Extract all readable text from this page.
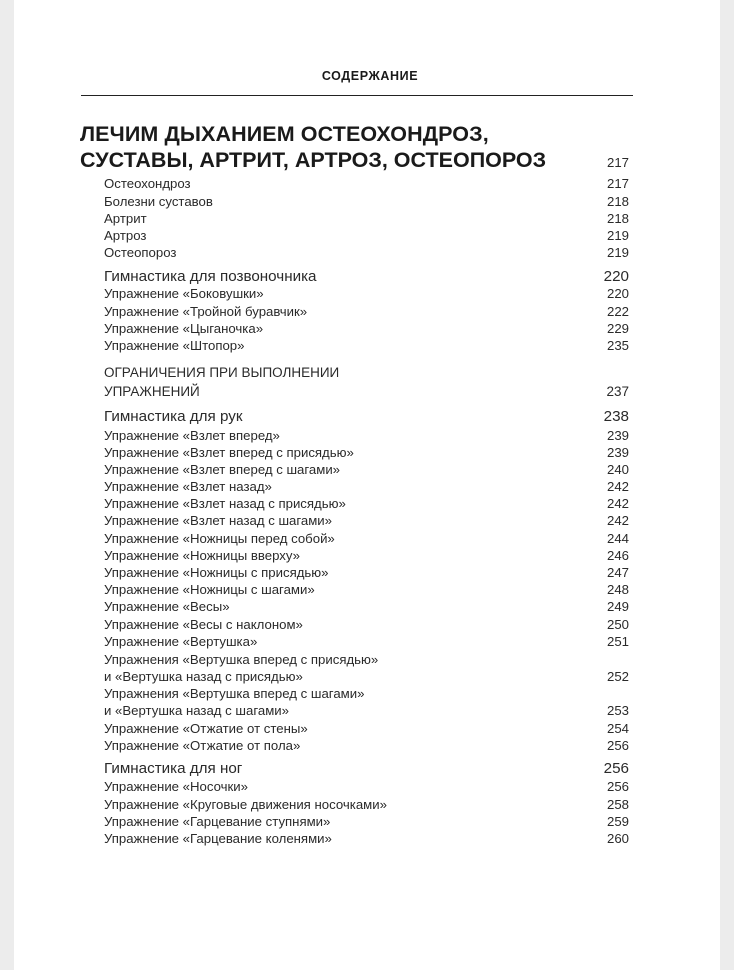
СОДЕРЖАНИЕ
ЛЕЧИМ ДЫХАНИЕМ ОСТЕОХОНДРОЗ,
СУСТАВЫ, АРТРИТ, АРТРОЗ, ОСТЕОПОРОЗ	217
Остеохондроз	217
Болезни суставов	218
Артрит	218
Артроз	219
Остеопороз	219
Гимнастика для позвоночника	220
Упражнение «Боковушки»	220
Упражнение «Тройной буравчик»	222
Упражнение «Цыганочка»	229
Упражнение «Штопор»	235
ОГРАНИЧЕНИЯ ПРИ ВЫПОЛНЕНИИ
УПРАЖНЕНИЙ	237
Гимнастика для рук	238
Упражнение «Взлет вперед»	239
Упражнение «Взлет вперед с присядью»	239
Упражнение «Взлет вперед с шагами»	240
Упражнение «Взлет назад»	242
Упражнение «Взлет назад с присядью»	242
Упражнение «Взлет назад с шагами»	242
Упражнение «Ножницы перед собой»	244
Упражнение «Ножницы вверху»	246
Упражнение «Ножницы с присядью»	247
Упражнение «Ножницы с шагами»	248
Упражнение «Весы»	249
Упражнение «Весы с наклоном»	250
Упражнение «Вертушка»	251
Упражнения «Вертушка вперед с присядью»
и «Вертушка назад с присядью»	252
Упражнения «Вертушка вперед с шагами»
и «Вертушка назад с шагами»	253
Упражнение «Отжатие от стены»	254
Упражнение «Отжатие от пола»	256
Гимнастика для ног	256
Упражнение «Носочки»	256
Упражнение «Круговые движения носочками»	258
Упражнение «Гарцевание ступнями»	259
Упражнение «Гарцевание коленями»	260
